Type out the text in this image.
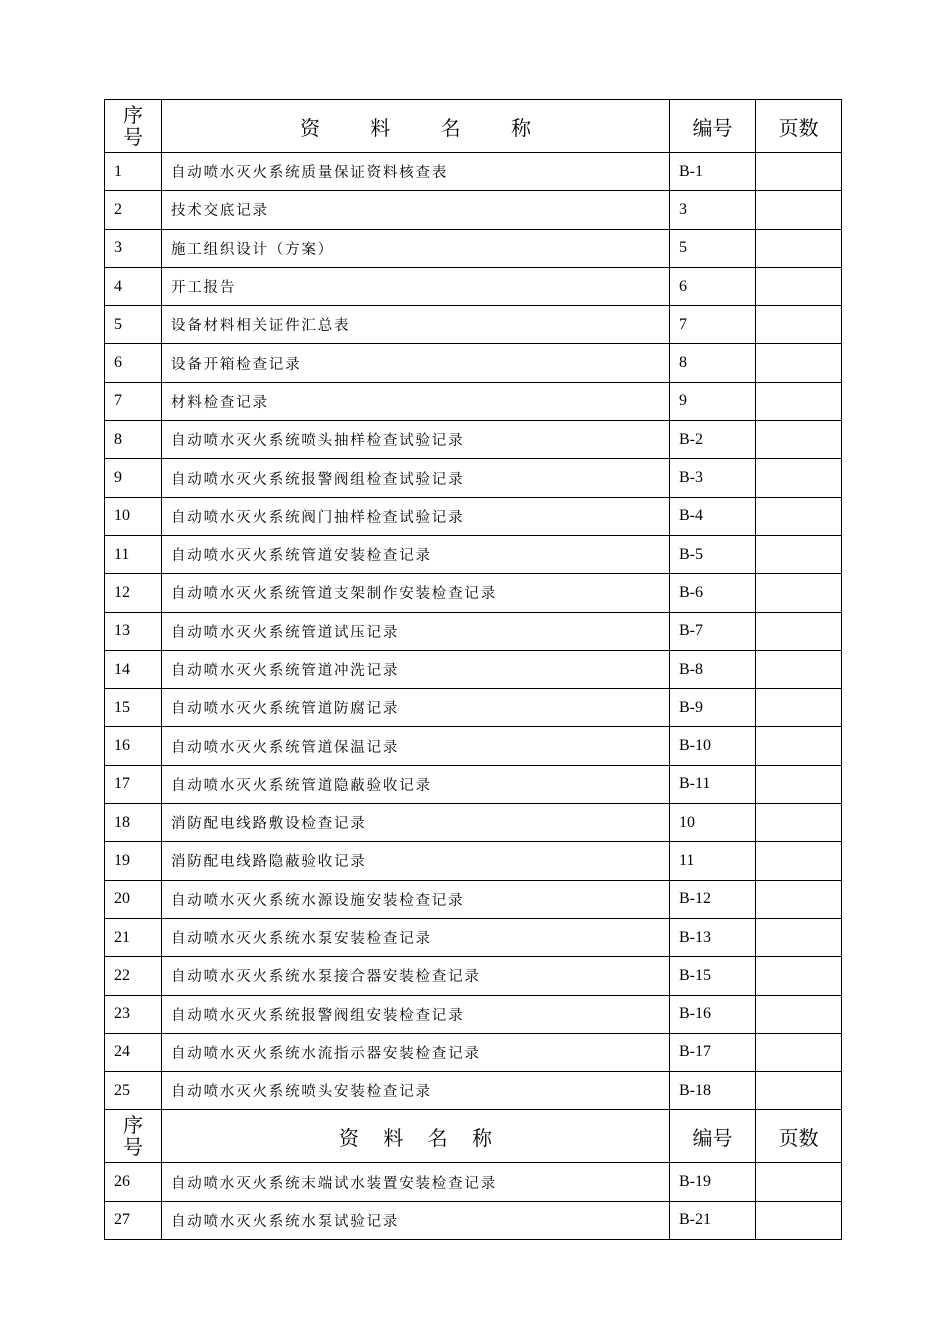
序
号	资 料 名 称	编号	页数
1	自动喷水灭火系统质量保证资料核查表	B-1	
2	技术交底记录	3	
3	施工组织设计（方案）	5	
4	开工报告	6	
5	设备材料相关证件汇总表	7	
6	设备开箱检查记录	8	
7	材料检查记录	9	
8	自动喷水灭火系统喷头抽样检查试验记录	B-2	
9	自动喷水灭火系统报警阀组检查试验记录	B-3	
10	自动喷水灭火系统阀门抽样检查试验记录	B-4	
11	自动喷水灭火系统管道安装检查记录	B-5	
12	自动喷水灭火系统管道支架制作安装检查记录	B-6	
13	自动喷水灭火系统管道试压记录	B-7	
14	自动喷水灭火系统管道冲洗记录	B-8	
15	自动喷水灭火系统管道防腐记录	B-9	
16	自动喷水灭火系统管道保温记录	B-10	
17	自动喷水灭火系统管道隐蔽验收记录	B-11	
18	消防配电线路敷设检查记录	10	
19	消防配电线路隐蔽验收记录	11	
20	自动喷水灭火系统水源设施安装检查记录	B-12	
21	自动喷水灭火系统水泵安装检查记录	B-13	
22	自动喷水灭火系统水泵接合器安装检查记录	B-15	
23	自动喷水灭火系统报警阀组安装检查记录	B-16	
24	自动喷水灭火系统水流指示器安装检查记录	B-17	
25	自动喷水灭火系统喷头安装检查记录	B-18	
序
号	资 料 名 称	编号	页数
26	自动喷水灭火系统末端试水装置安装检查记录	B-19	
27	自动喷水灭火系统水泵试验记录	B-21	
